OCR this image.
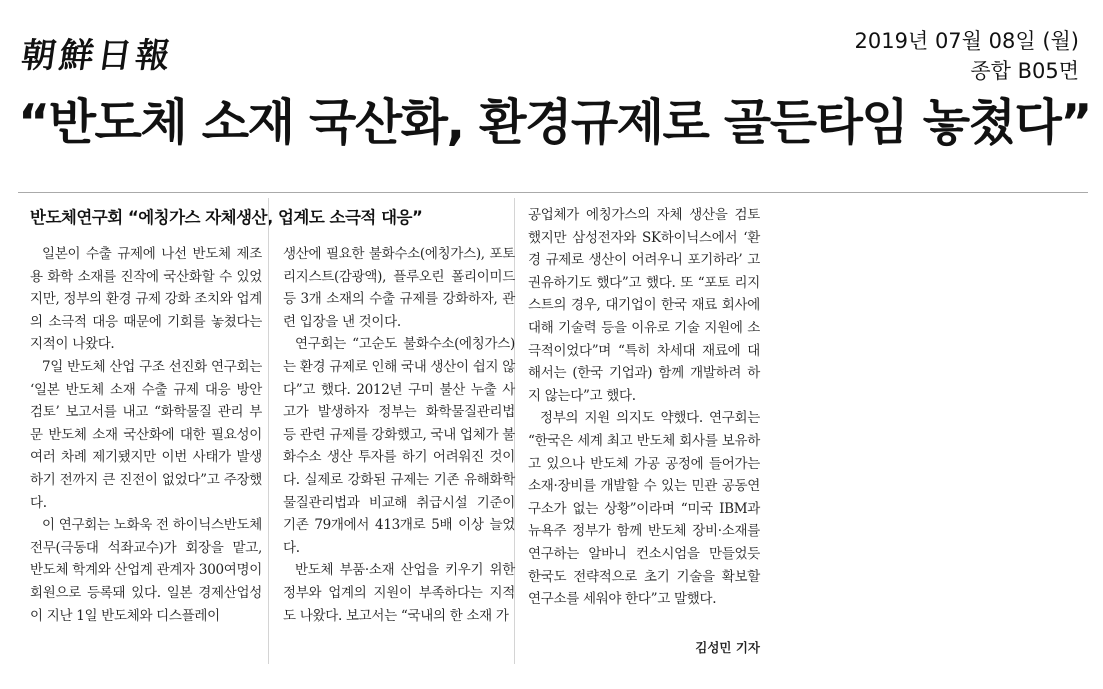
朝鮮日報	2019년 07월 08일 (월)
종합 B05면
“반도체 소재 국산화, 환경규제로 골든타임 놓쳤다”
반도체연구회 “에칭가스 자체생산, 업계도 소극적 대응”

일본이 수출 규제에 나선 반도체 제조용 화학 소재를 진작에 국산화할 수 있었지만, 정부의 환경 규제 강화 조치와 업계의 소극적 대응 때문에 기회를 놓쳤다는 지적이 나왔다.

7일 반도체 산업 구조 선진화 연구회는 ‘일본 반도체 소재 수출 규제 대응 방안 검토’ 보고서를 내고 “화학물질 관리 부문 반도체 소재 국산화에 대한 필요성이 여러 차례 제기됐지만 이번 사태가 발생하기 전까지 큰 진전이 없었다”고 주장했다.

이 연구회는 노화욱 전 하이닉스반도체 전무(극동대 석좌교수)가 회장을 맡고, 반도체 학계와 산업계 관계자 300여명이 회원으로 등록돼 있다. 일본 경제산업성이 지난 1일 반도체와 디스플레이

생산에 필요한 불화수소(에칭가스), 포토 리지스트(감광액), 플루오린 폴리이미드 등 3개 소재의 수출 규제를 강화하자, 관련 입장을 낸 것이다.

연구회는 “고순도 불화수소(에칭가스)는 환경 규제로 인해 국내 생산이 쉽지 않다”고 했다. 2012년 구미 불산 누출 사고가 발생하자 정부는 화학물질관리법 등 관련 규제를 강화했고, 국내 업체가 불화수소 생산 투자를 하기 어려워진 것이다. 실제로 강화된 규제는 기존 유해화학물질관리법과 비교해 취급시설 기준이 기존 79개에서 413개로 5배 이상 늘었다.

반도체 부품·소재 산업을 키우기 위한 정부와 업계의 지원이 부족하다는 지적도 나왔다. 보고서는 “국내의 한 소재 가

공업체가 에칭가스의 자체 생산을 검토했지만 삼성전자와 SK하이닉스에서 ‘환경 규제로 생산이 어려우니 포기하라’ 고 권유하기도 했다”고 했다. 또 “포토 리지스트의 경우, 대기업이 한국 재료 회사에 대해 기술력 등을 이유로 기술 지원에 소극적이었다”며 “특히 차세대 재료에 대해서는 (한국 기업과) 함께 개발하려 하지 않는다”고 했다.

정부의 지원 의지도 약했다. 연구회는 “한국은 세계 최고 반도체 회사를 보유하고 있으나 반도체 가공 공정에 들어가는 소재·장비를 개발할 수 있는 민관 공동연구소가 없는 상황”이라며 “미국 IBM과 뉴욕주 정부가 함께 반도체 장비·소재를 연구하는 알바니 컨소시엄을 만들었듯 한국도 전략적으로 초기 기술을 확보할 연구소를 세워야 한다”고 말했다.

김성민 기자
